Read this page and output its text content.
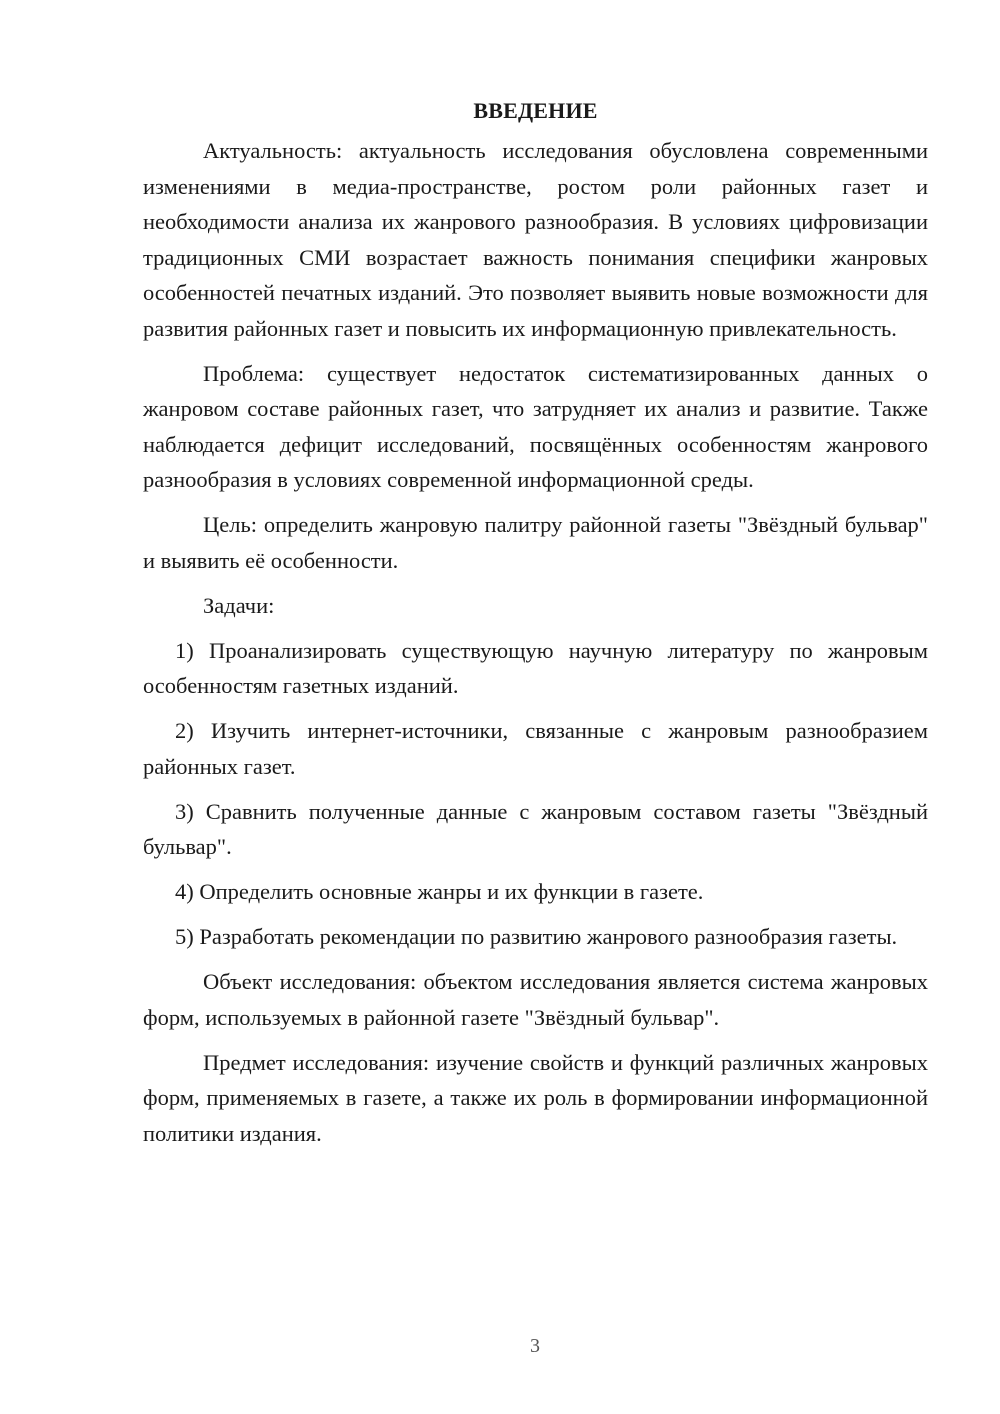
ВВЕДЕНИЕ

Актуальность: актуальность исследования обусловлена современными изменениями в медиа-пространстве, ростом роли районных газет и необходимости анализа их жанрового разнообразия. В условиях цифровизации традиционных СМИ возрастает важность понимания специфики жанровых особенностей печатных изданий. Это позволяет выявить новые возможности для развития районных газет и повысить их информационную привлекательность.

Проблема: существует недостаток систематизированных данных о жанровом составе районных газет, что затрудняет их анализ и развитие. Также наблюдается дефицит исследований, посвящённых особенностям жанрового разнообразия в условиях современной информационной среды.

Цель: определить жанровую палитру районной газеты "Звёздный бульвар" и выявить её особенности.

Задачи:

1) Проанализировать существующую научную литературу по жанровым особенностям газетных изданий.

2) Изучить интернет-источники, связанные с жанровым разнообразием районных газет.

3) Сравнить полученные данные с жанровым составом газеты "Звёздный бульвар".

4) Определить основные жанры и их функции в газете.

5) Разработать рекомендации по развитию жанрового разнообразия газеты.

Объект исследования: объектом исследования является система жанровых форм, используемых в районной газете "Звёздный бульвар".

Предмет исследования: изучение свойств и функций различных жанровых форм, применяемых в газете, а также их роль в формировании информационной политики издания.

3
